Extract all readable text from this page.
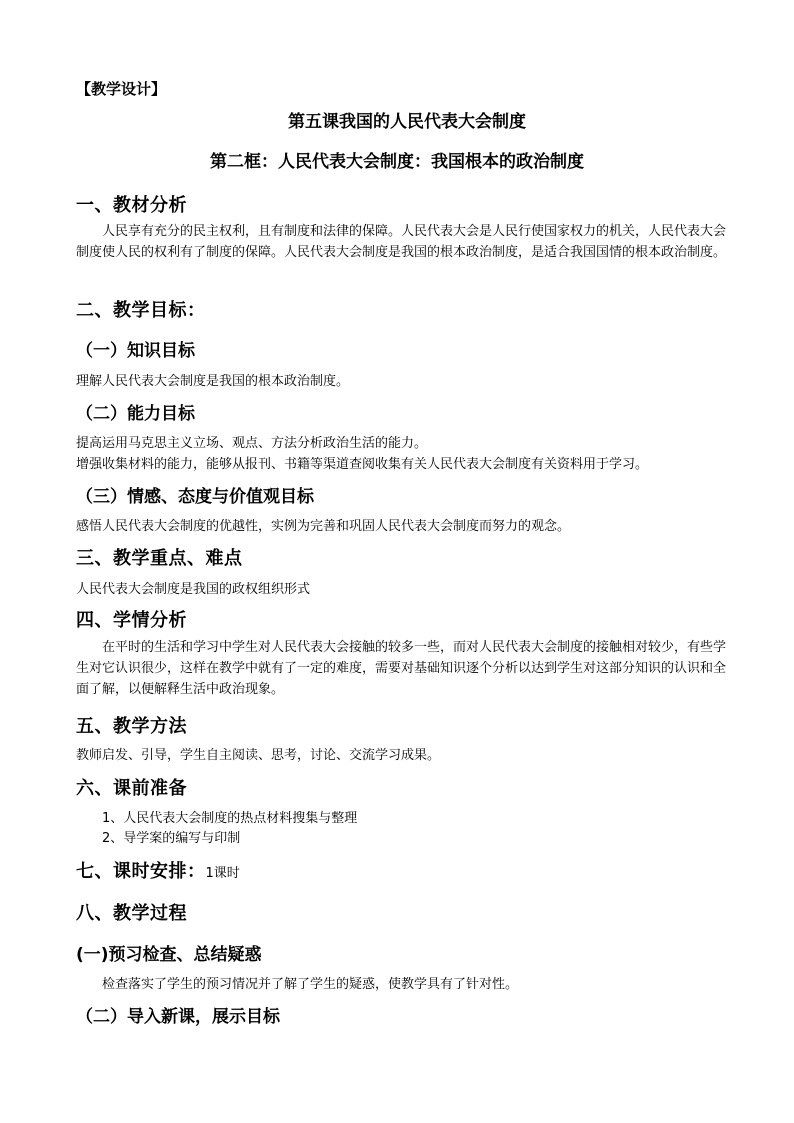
【教学设计】
第五课我国的人民代表大会制度
第二框：人民代表大会制度：我国根本的政治制度
一、教材分析
人民享有充分的民主权利，且有制度和法律的保障。人民代表大会是人民行使国家权力的机关，人民代表大会制度使人民的权利有了制度的保障。人民代表大会制度是我国的根本政治制度，是适合我国国情的根本政治制度。
二、教学目标：
（一）知识目标
理解人民代表大会制度是我国的根本政治制度。
（二）能力目标
提高运用马克思主义立场、观点、方法分析政治生活的能力。
增强收集材料的能力，能够从报刊、书籍等渠道查阅收集有关人民代表大会制度有关资料用于学习。
（三）情感、态度与价值观目标
感悟人民代表大会制度的优越性，实例为完善和巩固人民代表大会制度而努力的观念。
三、教学重点、难点
人民代表大会制度是我国的政权组织形式
四、学情分析
在平时的生活和学习中学生对人民代表大会接触的较多一些，而对人民代表大会制度的接触相对较少，有些学生对它认识很少，这样在教学中就有了一定的难度，需要对基础知识逐个分析以达到学生对这部分知识的认识和全面了解，以便解释生活中政治现象。
五、教学方法
教师启发、引导，学生自主阅读、思考，讨论、交流学习成果。
六、课前准备
1、人民代表大会制度的热点材料搜集与整理
2、导学案的编写与印制
七、课时安排：1课时
八、教学过程
(一)预习检查、总结疑惑
检查落实了学生的预习情况并了解了学生的疑惑，使教学具有了针对性。
（二）导入新课，展示目标
